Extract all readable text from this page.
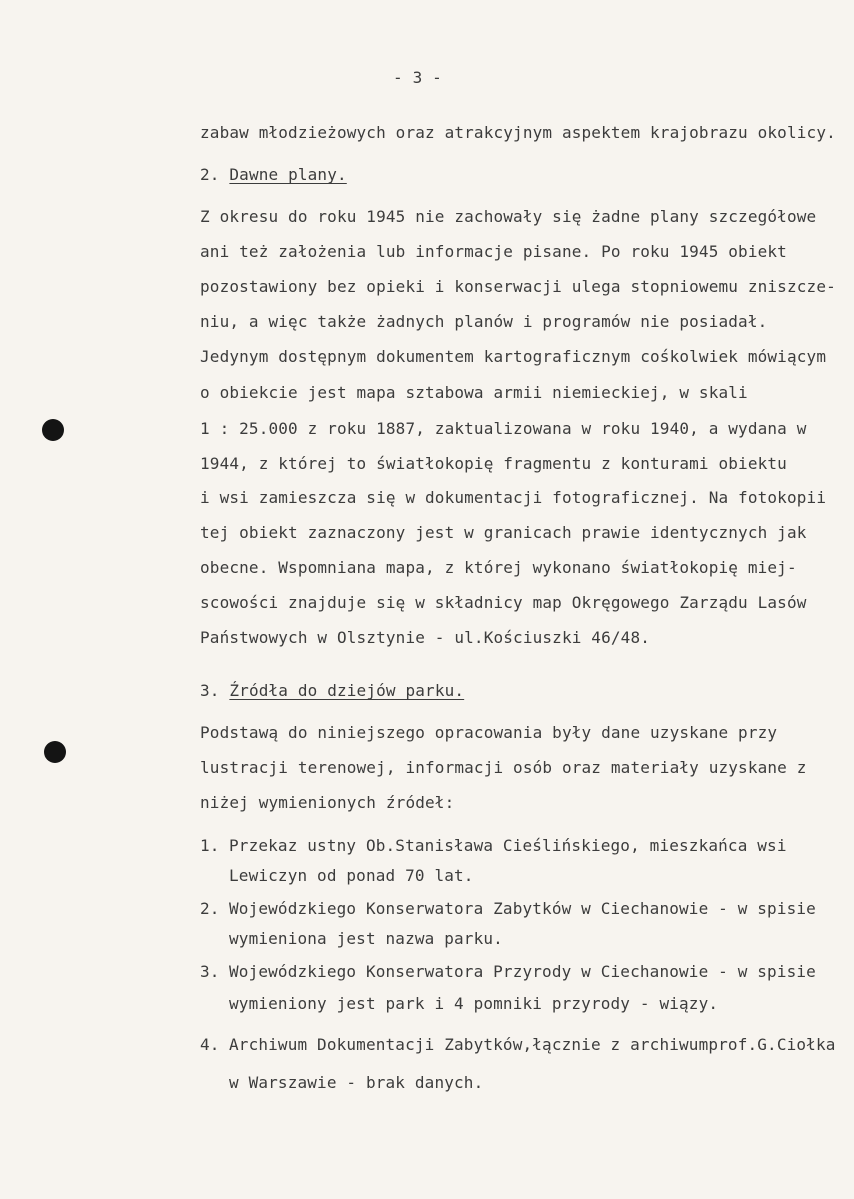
- 3 -
zabaw młodzieżowych oraz atrakcyjnym aspektem krajobrazu okolicy.
2. Dawne plany.
Z okresu do roku 1945 nie zachowały się żadne plany szczegółowe
ani też założenia lub informacje pisane. Po roku 1945 obiekt
pozostawiony bez opieki i konserwacji ulega stopniowemu zniszcze-
niu, a więc także żadnych planów i programów nie posiadał.
Jedynym dostępnym dokumentem kartograficznym cośkolwiek mówiącym
o obiekcie jest mapa sztabowa armii niemieckiej, w skali
1 : 25.000 z roku 1887, zaktualizowana w roku 1940, a wydana w
1944, z której to światłokopię fragmentu z konturami obiektu
i wsi zamieszcza się w dokumentacji fotograficznej. Na fotokopii
tej obiekt zaznaczony jest w granicach prawie identycznych jak
obecne. Wspomniana mapa, z której wykonano światłokopię miej-
scowości znajduje się w składnicy map Okręgowego Zarządu Lasów
Państwowych w Olsztynie - ul.Kościuszki 46/48.
3. Źródła do dziejów parku.
Podstawą do niniejszego opracowania były dane uzyskane przy
lustracji terenowej, informacji osób oraz materiały uzyskane z
niżej wymienionych źródeł:
1. Przekaz ustny Ob.Stanisława Cieślińskiego, mieszkańca wsi
Lewiczyn od ponad 70 lat.
2. Wojewódzkiego Konserwatora Zabytków w Ciechanowie - w spisie
wymieniona jest nazwa parku.
3. Wojewódzkiego Konserwatora Przyrody w Ciechanowie - w spisie
wymieniony jest park i 4 pomniki przyrody - wiązy.
4. Archiwum Dokumentacji Zabytków,łącznie z archiwumprof.G.Ciołka
w Warszawie - brak danych.
